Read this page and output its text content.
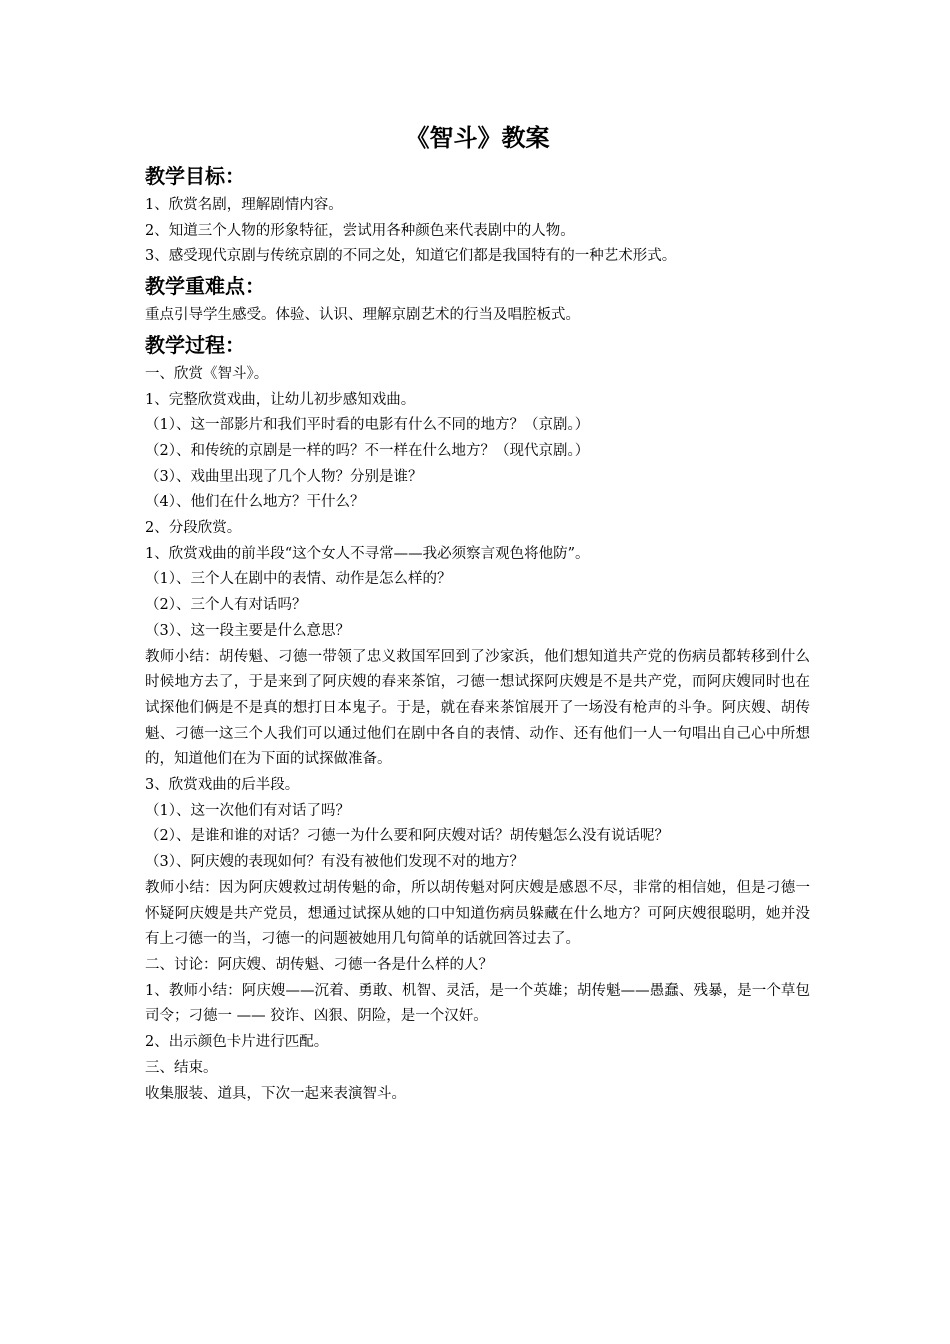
《智斗》教案
教学目标：

1、欣赏名剧，理解剧情内容。

2、知道三个人物的形象特征，尝试用各种颜色来代表剧中的人物。

3、感受现代京剧与传统京剧的不同之处，知道它们都是我国特有的一种艺术形式。

教学重难点：

重点引导学生感受。体验、认识、理解京剧艺术的行当及唱腔板式。

教学过程：

一、欣赏《智斗》。

1、完整欣赏戏曲，让幼儿初步感知戏曲。

（1）、这一部影片和我们平时看的电影有什么不同的地方？（京剧。）

（2）、和传统的京剧是一样的吗？不一样在什么地方？（现代京剧。）

（3）、戏曲里出现了几个人物？分别是谁？

（4）、他们在什么地方？干什么？

2、分段欣赏。

1、欣赏戏曲的前半段“这个女人不寻常——我必须察言观色将他防”。

（1）、三个人在剧中的表情、动作是怎么样的？

（2）、三个人有对话吗？

（3）、这一段主要是什么意思？

教师小结：胡传魁、刁德一带领了忠义救国军回到了沙家浜，他们想知道共产党的伤病员都转移到什么时候地方去了，于是来到了阿庆嫂的春来茶馆，刁德一想试探阿庆嫂是不是共产党，而阿庆嫂同时也在试探他们俩是不是真的想打日本鬼子。于是，就在春来茶馆展开了一场没有枪声的斗争。阿庆嫂、胡传魁、刁德一这三个人我们可以通过他们在剧中各自的表情、动作、还有他们一人一句唱出自己心中所想的，知道他们在为下面的试探做准备。

3、欣赏戏曲的后半段。

（1）、这一次他们有对话了吗？

（2）、是谁和谁的对话？刁德一为什么要和阿庆嫂对话？胡传魁怎么没有说话呢？

（3）、阿庆嫂的表现如何？有没有被他们发现不对的地方？

教师小结：因为阿庆嫂救过胡传魁的命，所以胡传魁对阿庆嫂是感恩不尽，非常的相信她，但是刁德一怀疑阿庆嫂是共产党员，想通过试探从她的口中知道伤病员躲藏在什么地方？可阿庆嫂很聪明，她并没有上刁德一的当，刁德一的问题被她用几句简单的话就回答过去了。

二、讨论：阿庆嫂、胡传魁、刁德一各是什么样的人？

1、教师小结：阿庆嫂——沉着、勇敢、机智、灵活，是一个英雄；胡传魁——愚蠢、残暴，是一个草包司令；刁德一 —— 狡诈、凶狠、阴险，是一个汉奸。

2、出示颜色卡片进行匹配。

三、结束。

收集服装、道具，下次一起来表演智斗。
